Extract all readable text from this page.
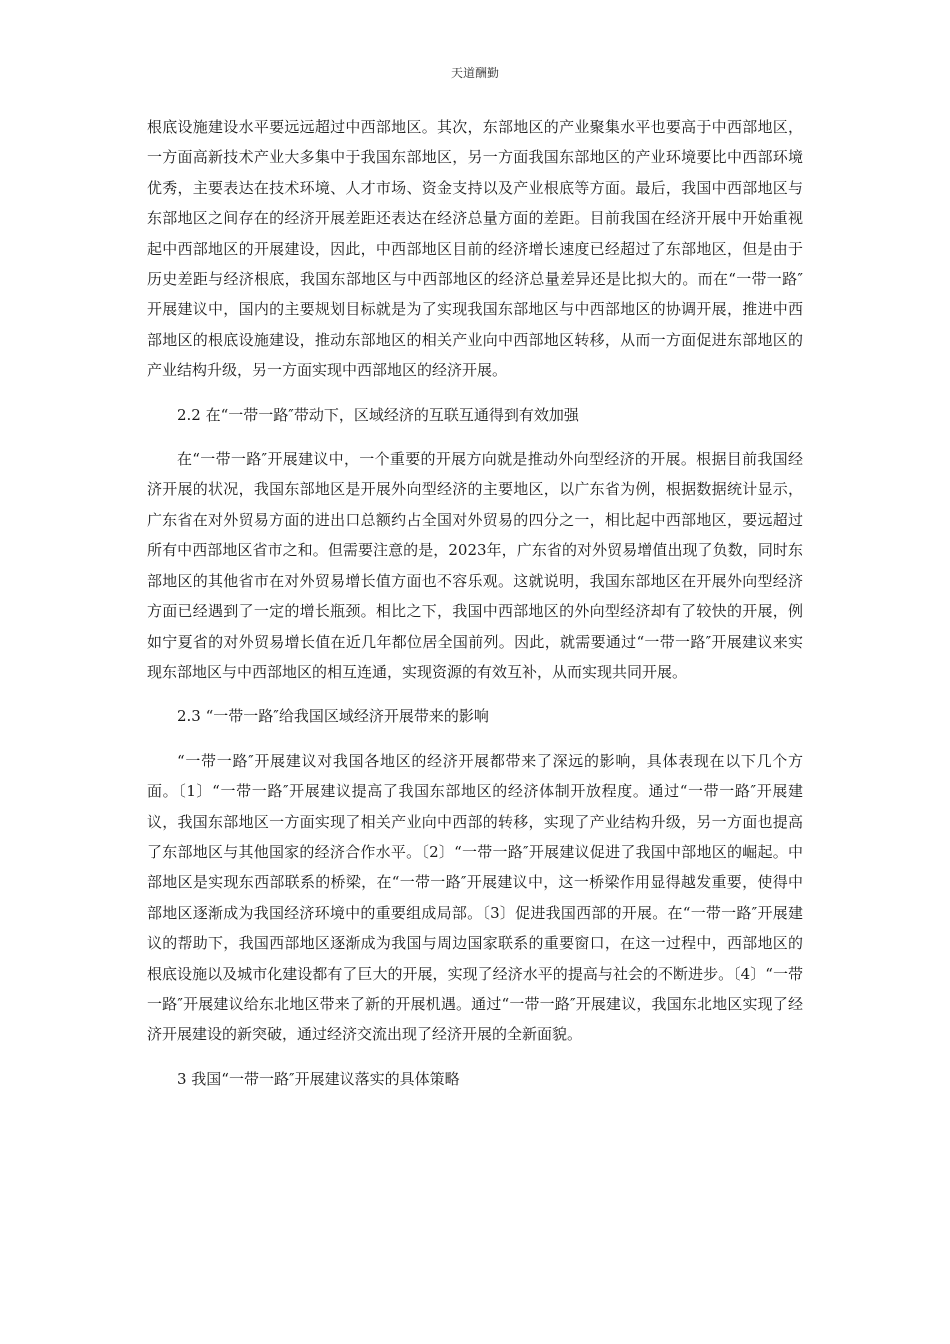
天道酬勤

根底设施建设水平要远远超过中西部地区。其次，东部地区的产业聚集水平也要高于中西部地区，一方面高新技术产业大多集中于我国东部地区，另一方面我国东部地区的产业环境要比中西部环境优秀，主要表达在技术环境、人才市场、资金支持以及产业根底等方面。最后，我国中西部地区与东部地区之间存在的经济开展差距还表达在经济总量方面的差距。目前我国在经济开展中开始重视起中西部地区的开展建设，因此，中西部地区目前的经济增长速度已经超过了东部地区，但是由于历史差距与经济根底，我国东部地区与中西部地区的经济总量差异还是比拟大的。而在“一带一路″开展建议中，国内的主要规划目标就是为了实现我国东部地区与中西部地区的协调开展，推进中西部地区的根底设施建设，推动东部地区的相关产业向中西部地区转移，从而一方面促进东部地区的产业结构升级，另一方面实现中西部地区的经济开展。

2.2 在“一带一路″带动下，区域经济的互联互通得到有效加强

在“一带一路″开展建议中，一个重要的开展方向就是推动外向型经济的开展。根据目前我国经济开展的状况，我国东部地区是开展外向型经济的主要地区，以广东省为例，根据数据统计显示，广东省在对外贸易方面的进出口总额约占全国对外贸易的四分之一，相比起中西部地区，要远超过所有中西部地区省市之和。但需要注意的是，2023年，广东省的对外贸易增值出现了负数，同时东部地区的其他省市在对外贸易增长值方面也不容乐观。这就说明，我国东部地区在开展外向型经济方面已经遇到了一定的增长瓶颈。相比之下，我国中西部地区的外向型经济却有了较快的开展，例如宁夏省的对外贸易增长值在近几年都位居全国前列。因此，就需要通过“一带一路″开展建议来实现东部地区与中西部地区的相互连通，实现资源的有效互补，从而实现共同开展。

2.3 “一带一路″给我国区域经济开展带来的影响

“一带一路″开展建议对我国各地区的经济开展都带来了深远的影响，具体表现在以下几个方面。〔1〕“一带一路″开展建议提高了我国东部地区的经济体制开放程度。通过“一带一路″开展建议，我国东部地区一方面实现了相关产业向中西部的转移，实现了产业结构升级，另一方面也提高了东部地区与其他国家的经济合作水平。〔2〕“一带一路″开展建议促进了我国中部地区的崛起。中部地区是实现东西部联系的桥梁，在“一带一路″开展建议中，这一桥梁作用显得越发重要，使得中部地区逐渐成为我国经济环境中的重要组成局部。〔3〕促进我国西部的开展。在“一带一路″开展建议的帮助下，我国西部地区逐渐成为我国与周边国家联系的重要窗口，在这一过程中，西部地区的根底设施以及城市化建设都有了巨大的开展，实现了经济水平的提高与社会的不断进步。〔4〕“一带一路″开展建议给东北地区带来了新的开展机遇。通过“一带一路″开展建议，我国东北地区实现了经济开展建设的新突破，通过经济交流出现了经济开展的全新面貌。

3 我国“一带一路″开展建议落实的具体策略
